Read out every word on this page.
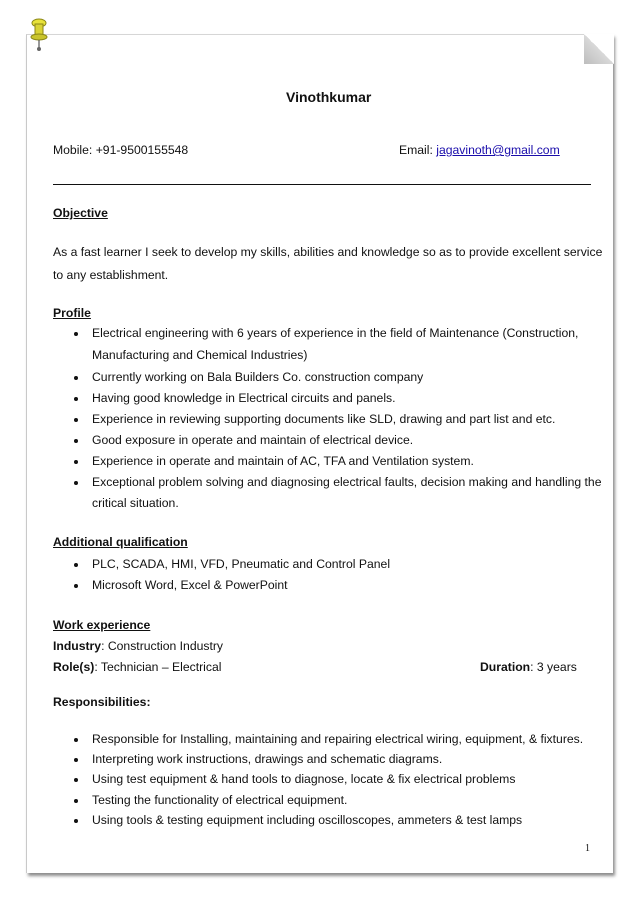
Vinothkumar
Mobile: +91-9500155548	Email: jagavinoth@gmail.com
Objective
As a fast learner I seek to develop my skills, abilities and knowledge so as to provide excellent service
to any establishment.
Profile
Electrical engineering with 6 years of experience in the field of Maintenance (Construction,
Manufacturing and Chemical Industries)
Currently working on Bala Builders Co. construction company
Having good knowledge in Electrical circuits and panels.
Experience in reviewing supporting documents like SLD, drawing and part list and etc.
Good exposure in operate and maintain of electrical device.
Experience in operate and maintain of AC, TFA and Ventilation system.
Exceptional problem solving and diagnosing electrical faults, decision making and handling the
critical situation.
Additional qualification
PLC, SCADA, HMI, VFD, Pneumatic and Control Panel
Microsoft Word, Excel & PowerPoint
Work experience
Industry: Construction Industry
Role(s): Technician – Electrical	Duration: 3 years
Responsibilities:
Responsible for Installing, maintaining and repairing electrical wiring, equipment, & fixtures.
Interpreting work instructions, drawings and schematic diagrams.
Using test equipment & hand tools to diagnose, locate & fix electrical problems
Testing the functionality of electrical equipment.
Using tools & testing equipment including oscilloscopes, ammeters & test lamps
1
